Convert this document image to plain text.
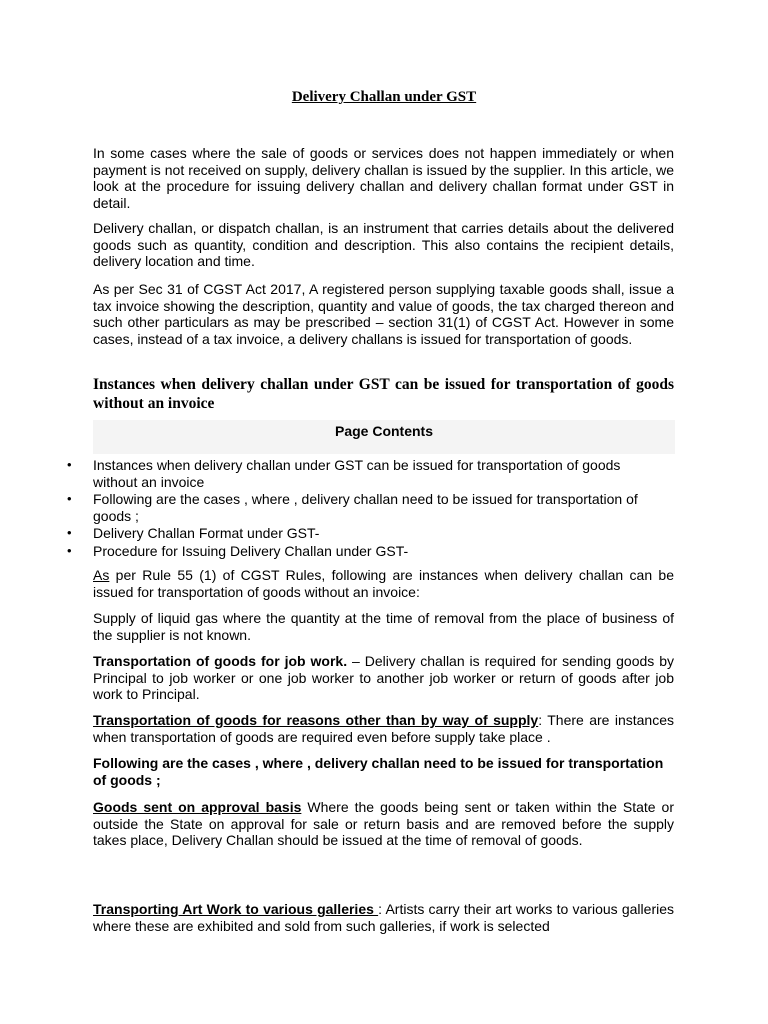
Delivery Challan under GST

In some cases where the sale of goods or services does not happen immediately or when payment is not received on supply, delivery challan is issued by the supplier. In this article, we look at the procedure for issuing delivery challan and delivery challan format under GST in detail.

Delivery challan, or dispatch challan, is an instrument that carries details about the delivered goods such as quantity, condition and description. This also contains the recipient details, delivery location and time.

As per Sec 31 of CGST Act 2017, A registered person supplying taxable goods shall, issue a tax invoice showing the description, quantity and value of goods, the tax charged thereon and such other particulars as may be prescribed – section 31(1) of CGST Act. However in some cases, instead of a tax invoice, a delivery challans is issued for transportation of goods.

Instances when delivery challan under GST can be issued for transportation of goods without an invoice
Page Contents
• Instances when delivery challan under GST can be issued for transportation of goods without an invoice
• Following are the cases , where , delivery challan need to be issued for transportation of goods ;
• Delivery Challan Format under GST-
• Procedure for Issuing Delivery Challan under GST-

As per Rule 55 (1) of CGST Rules, following are instances when delivery challan can be issued for transportation of goods without an invoice:

Supply of liquid gas where the quantity at the time of removal from the place of business of the supplier is not known.

Transportation of goods for job work. – Delivery challan is required for sending goods by Principal to job worker or one job worker to another job worker or return of goods after job work to Principal.

Transportation of goods for reasons other than by way of supply: There are instances when transportation of goods are required even before supply take place .

Following are the cases , where , delivery challan need to be issued for transportation of goods ;

Goods sent on approval basis Where the goods being sent or taken within the State or outside the State on approval for sale or return basis and are removed before the supply takes place, Delivery Challan should be issued at the time of removal of goods.

Transporting Art Work to various galleries : Artists carry their art works to various galleries where these are exhibited and sold from such galleries, if work is selected
